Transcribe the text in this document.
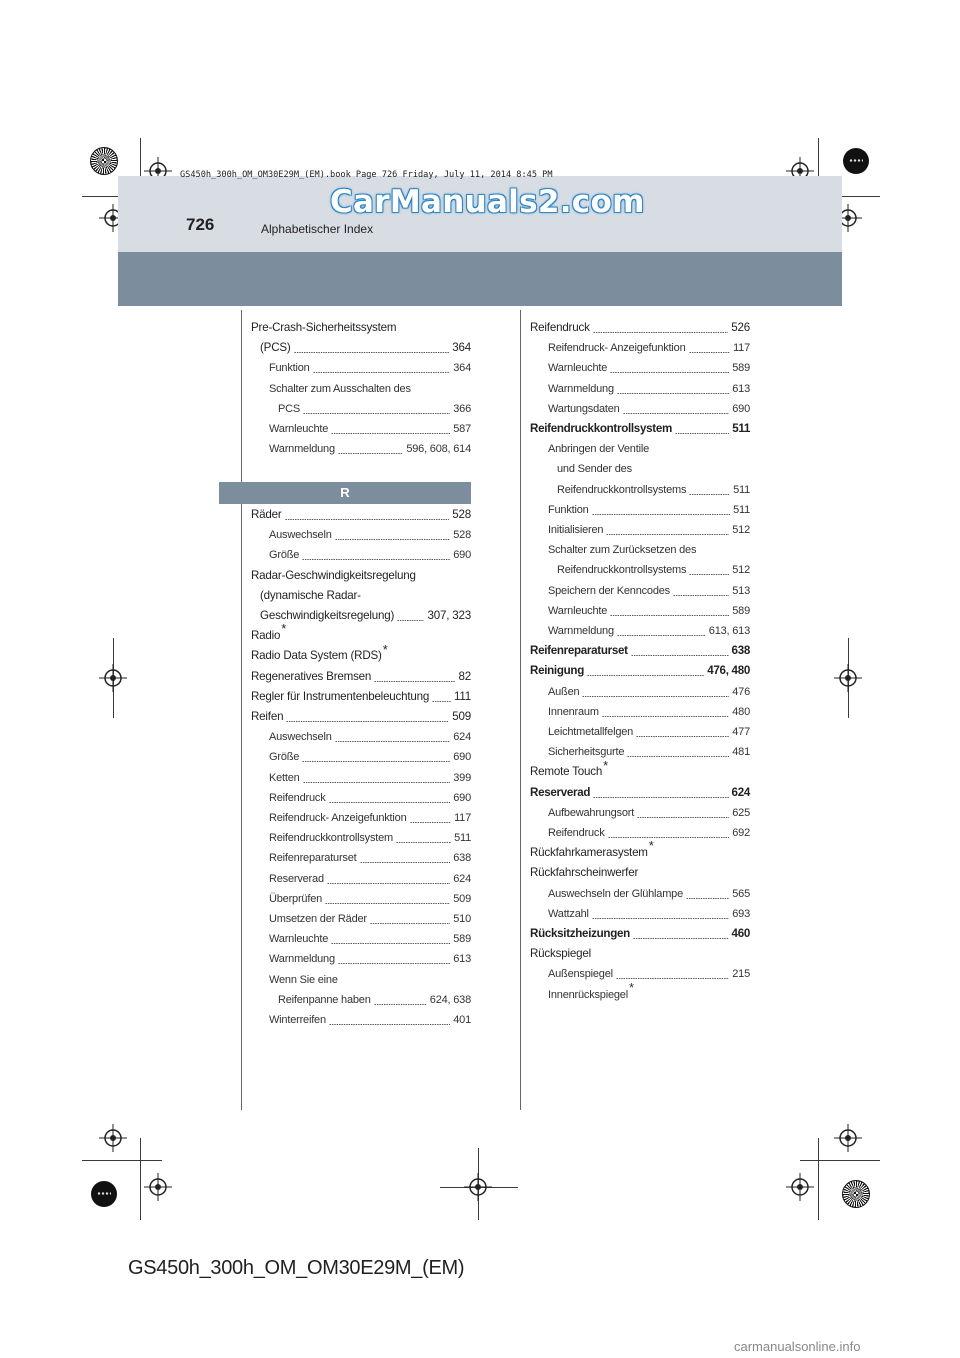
GS450h_300h_OM_OM30E29M_(EM).book Page 726 Friday, July 11, 2014 8:45 PM
CarManuals2.com
726	Alphabetischer Index
Pre-Crash-Sicherheitssystem
(PCS)	364
Funktion	364
Schalter zum Ausschalten des
PCS	366
Warnleuchte	587
Warnmeldung	596, 608, 614
R
Räder	528
Auswechseln	528
Größe	690
Radar-Geschwindigkeitsregelung
(dynamische Radar-
Geschwindigkeitsregelung)	307, 323
Radio*
Radio Data System (RDS)*
Regeneratives Bremsen	82
Regler für Instrumentenbeleuchtung 111
Reifen	509
Auswechseln	624
Größe	690
Ketten	399
Reifendruck	690
Reifendruck- Anzeigefunktion	117
Reifendruckkontrollsystem	511
Reifenreparaturset	638
Reserverad	624
Überprüfen	509
Umsetzen der Räder	510
Warnleuchte	589
Warnmeldung	613
Wenn Sie eine
Reifenpanne haben	624, 638
Winterreifen	401
Reifendruck	526
Reifendruck- Anzeigefunktion	117
Warnleuchte	589
Warnmeldung	613
Wartungsdaten	690
Reifendruckkontrollsystem	511
Anbringen der Ventile
und Sender des
Reifendruckkontrollsystems	511
Funktion	511
Initialisieren	512
Schalter zum Zurücksetzen des
Reifendruckkontrollsystems	512
Speichern der Kenncodes	513
Warnleuchte	589
Warnmeldung	613, 613
Reifenreparaturset	638
Reinigung	476, 480
Außen	476
Innenraum	480
Leichtmetallfelgen	477
Sicherheitsgurte	481
Remote Touch*
Reserverad	624
Aufbewahrungsort	625
Reifendruck	692
Rückfahrkamerasystem*
Rückfahrscheinwerfer
Auswechseln der Glühlampe	565
Wattzahl	693
Rücksitzheizungen	460
Rückspiegel
Außenspiegel	215
Innenrückspiegel*
GS450h_300h_OM_OM30E29M_(EM)
carmanualsonline.info
